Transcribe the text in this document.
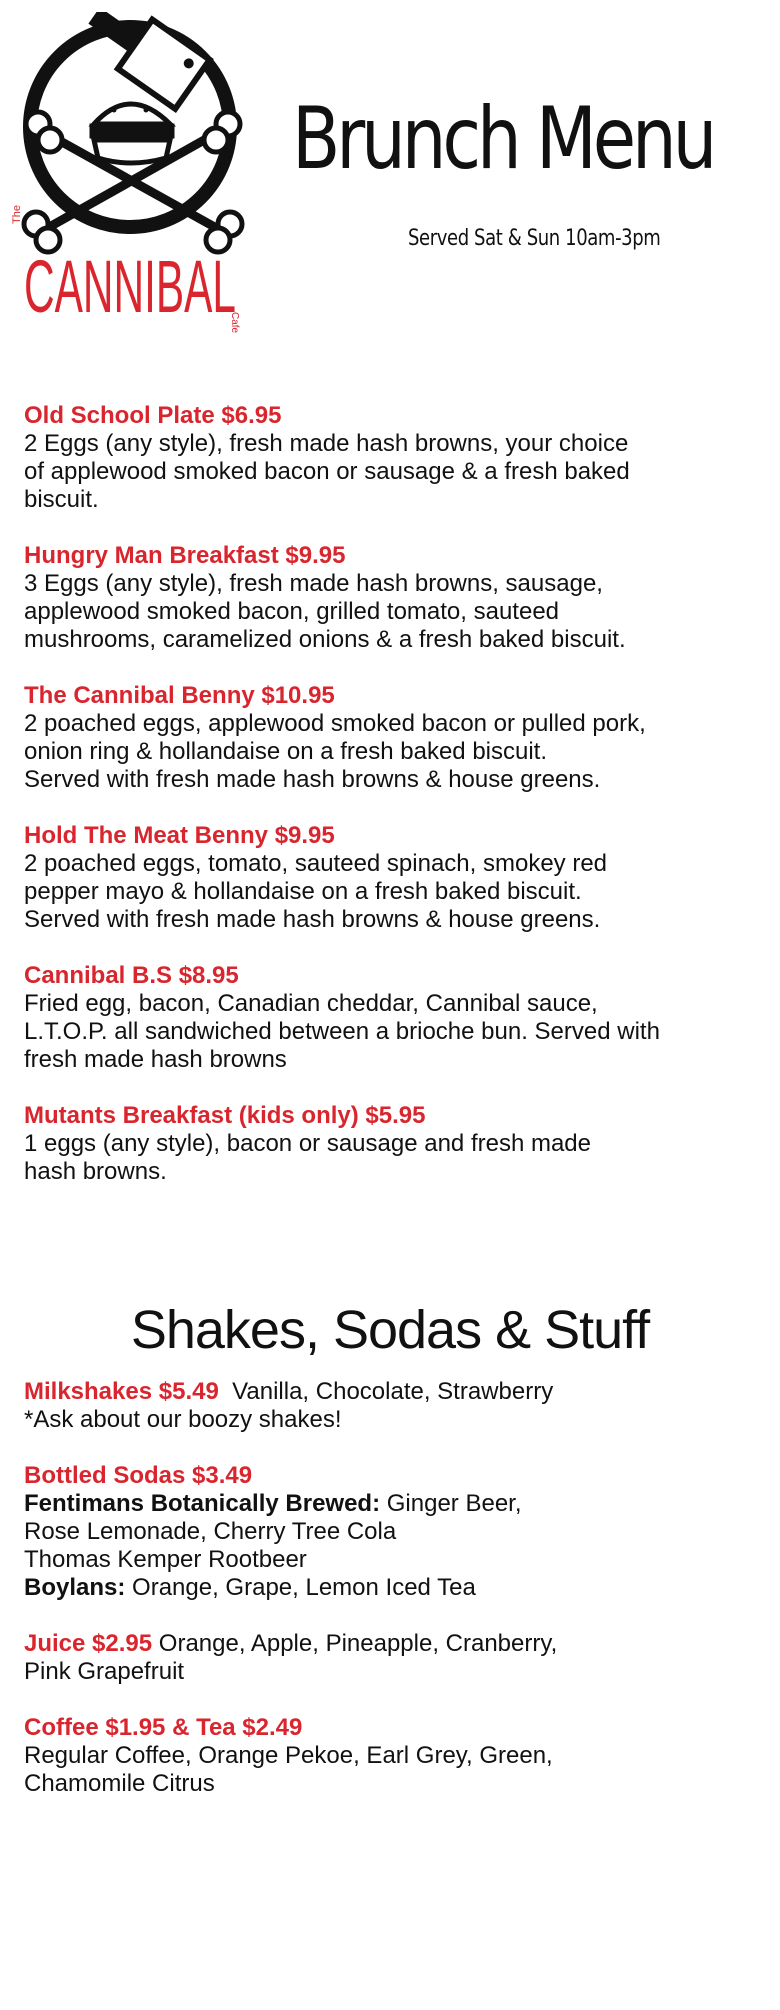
The
CANNIBAL
Cafe
Brunch Menu
Served Sat & Sun 10am-3pm
Old School Plate $6.95
2 Eggs (any style), fresh made hash browns, your choice
of applewood smoked bacon or sausage & a fresh baked
biscuit.
Hungry Man Breakfast $9.95
3 Eggs (any style), fresh made hash browns, sausage,
applewood smoked bacon, grilled tomato, sauteed
mushrooms, caramelized onions & a fresh baked biscuit.
The Cannibal Benny $10.95
2 poached eggs, applewood smoked bacon or pulled pork,
onion ring & hollandaise on a fresh baked biscuit.
Served with fresh made hash browns & house greens.
Hold The Meat Benny $9.95
2 poached eggs, tomato, sauteed spinach, smokey red
pepper mayo & hollandaise on a fresh baked biscuit.
Served with fresh made hash browns & house greens.
Cannibal B.S $8.95
Fried egg, bacon, Canadian cheddar, Cannibal sauce,
L.T.O.P. all sandwiched between a brioche bun. Served with
fresh made hash browns
Mutants Breakfast (kids only) $5.95
1 eggs (any style), bacon or sausage and fresh made
hash browns.
Shakes, Sodas & Stuff
Milkshakes $5.49 Vanilla, Chocolate, Strawberry
*Ask about our boozy shakes!
Bottled Sodas $3.49
Fentimans Botanically Brewed: Ginger Beer,
Rose Lemonade, Cherry Tree Cola
Thomas Kemper Rootbeer
Boylans: Orange, Grape, Lemon Iced Tea
Juice $2.95 Orange, Apple, Pineapple, Cranberry,
Pink Grapefruit
Coffee $1.95 & Tea $2.49
Regular Coffee, Orange Pekoe, Earl Grey, Green,
Chamomile Citrus
